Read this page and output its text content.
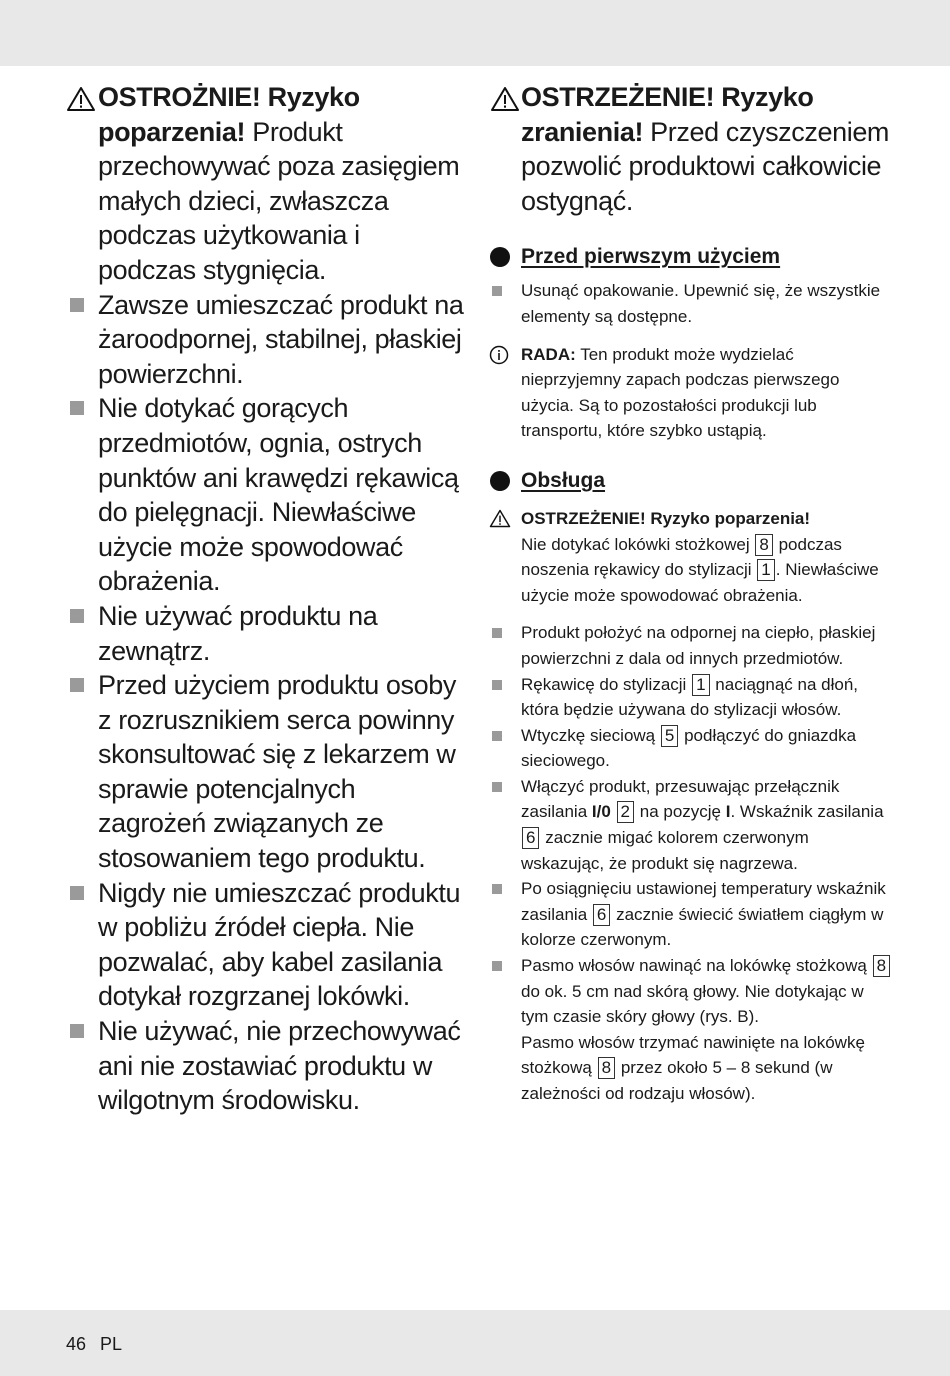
OSTROŻNIE! Ryzyko poparzenia! Produkt przechowywać poza zasięgiem małych dzieci, zwłaszcza podczas użytkowania i podczas stygnięcia.
Zawsze umieszczać produkt na żaroodpornej, stabilnej, płaskiej powierzchni.
Nie dotykać gorących przedmiotów, ognia, ostrych punktów ani krawędzi rękawicą do pielęgnacji. Niewłaściwe użycie może spowodować obrażenia.
Nie używać produktu na zewnątrz.
Przed użyciem produktu osoby z rozrusznikiem serca powinny skonsultować się z lekarzem w sprawie potencjalnych zagrożeń związanych ze stosowaniem tego produktu.
Nigdy nie umieszczać produktu w pobliżu źródeł ciepła. Nie pozwalać, aby kabel zasilania dotykał rozgrzanej lokówki.
Nie używać, nie przechowywać ani nie zostawiać produktu w wilgotnym środowisku.
OSTRZEŻENIE! Ryzyko zranienia! Przed czyszczeniem pozwolić produktowi całkowicie ostygnąć.
Przed pierwszym użyciem
Usunąć opakowanie. Upewnić się, że wszystkie elementy są dostępne.
RADA: Ten produkt może wydzielać nieprzyjemny zapach podczas pierwszego użycia. Są to pozostałości produkcji lub transportu, które szybko ustąpią.
Obsługa
OSTRZEŻENIE! Ryzyko poparzenia!
Nie dotykać lokówki stożkowej 8 podczas noszenia rękawicy do stylizacji 1 . Niewłaściwe użycie może spowodować obrażenia.
Produkt położyć na odpornej na ciepło, płaskiej powierzchni z dala od innych przedmiotów.
Rękawicę do stylizacji 1 naciągnąć na dłoń, która będzie używana do stylizacji włosów.
Wtyczkę sieciową 5 podłączyć do gniazdka sieciowego.
Włączyć produkt, przesuwając przełącznik zasilania I/0 2 na pozycję I. Wskaźnik zasilania 6 zacznie migać kolorem czerwonym wskazując, że produkt się nagrzewa.
Po osiągnięciu ustawionej temperatury wskaźnik zasilania 6 zacznie świecić światłem ciągłym w kolorze czerwonym.
Pasmo włosów nawinąć na lokówkę stożkową 8 do ok. 5 cm nad skórą głowy. Nie dotykając w tym czasie skóry głowy (rys. B).
Pasmo włosów trzymać nawinięte na lokówkę stożkową 8 przez około 5 – 8 sekund (w zależności od rodzaju włosów).
46 PL
